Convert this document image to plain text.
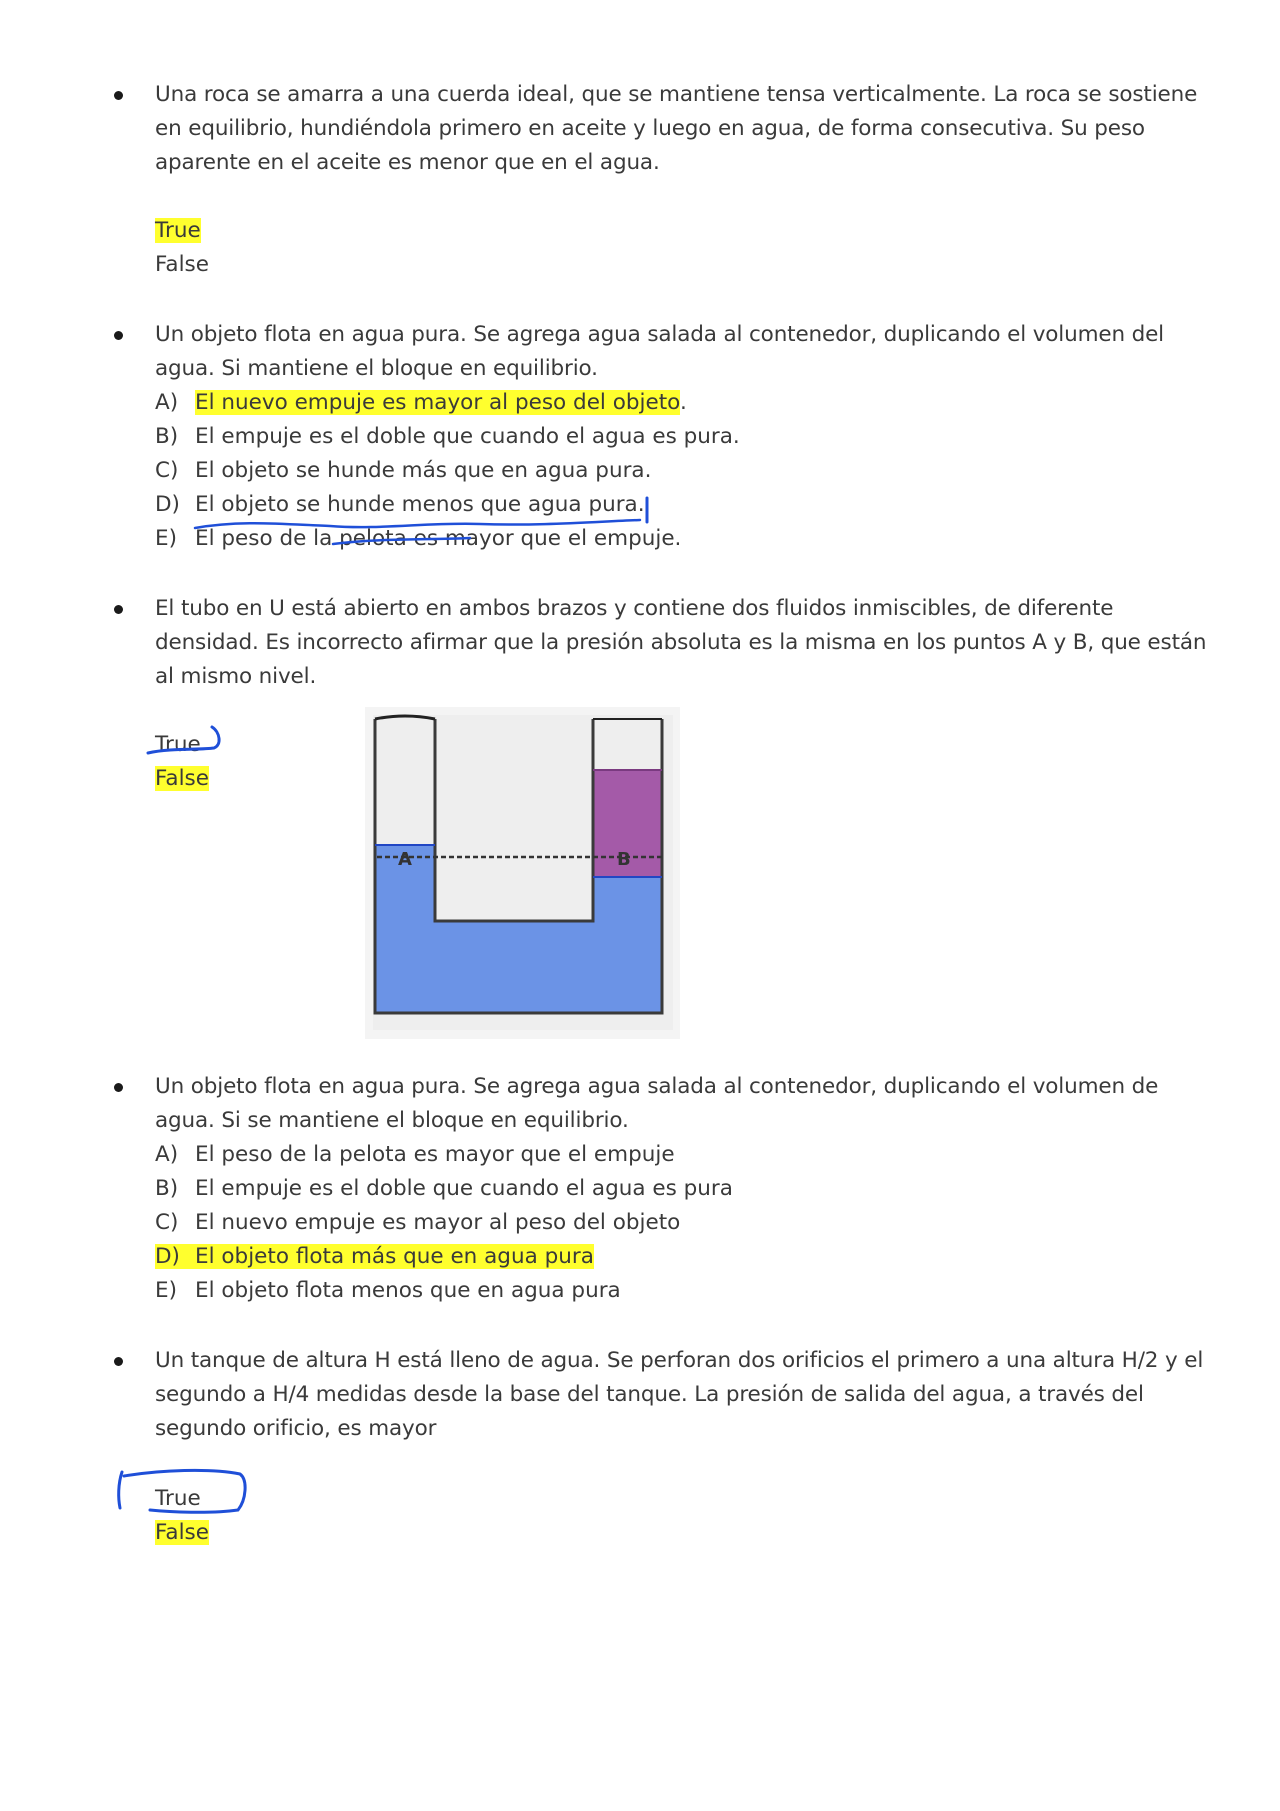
Una roca se amarra a una cuerda ideal, que se mantiene tensa verticalmente. La roca se sostiene en equilibrio, hundiéndola primero en aceite y luego en agua, de forma consecutiva. Su peso aparente en el aceite es menor que en el agua.
True
False
Un objeto flota en agua pura. Se agrega agua salada al contenedor, duplicando el volumen del agua. Si mantiene el bloque en equilibrio.
A) El nuevo empuje es mayor al peso del objeto.
B) El empuje es el doble que cuando el agua es pura.
C) El objeto se hunde más que en agua pura.
D) El objeto se hunde menos que agua pura.
E) El peso de la pelota es mayor que el empuje.
El tubo en U está abierto en ambos brazos y contiene dos fluidos inmiscibles, de diferente densidad. Es incorrecto afirmar que la presión absoluta es la misma en los puntos A y B, que están al mismo nivel.
True
False
A	B
Un objeto flota en agua pura. Se agrega agua salada al contenedor, duplicando el volumen de agua. Si se mantiene el bloque en equilibrio.
A) El peso de la pelota es mayor que el empuje
B) El empuje es el doble que cuando el agua es pura
C) El nuevo empuje es mayor al peso del objeto
D) El objeto flota más que en agua pura
E) El objeto flota menos que en agua pura
Un tanque de altura H está lleno de agua. Se perforan dos orificios el primero a una altura H/2 y el segundo a H/4 medidas desde la base del tanque. La presión de salida del agua, a través del segundo orificio, es mayor
True
False
